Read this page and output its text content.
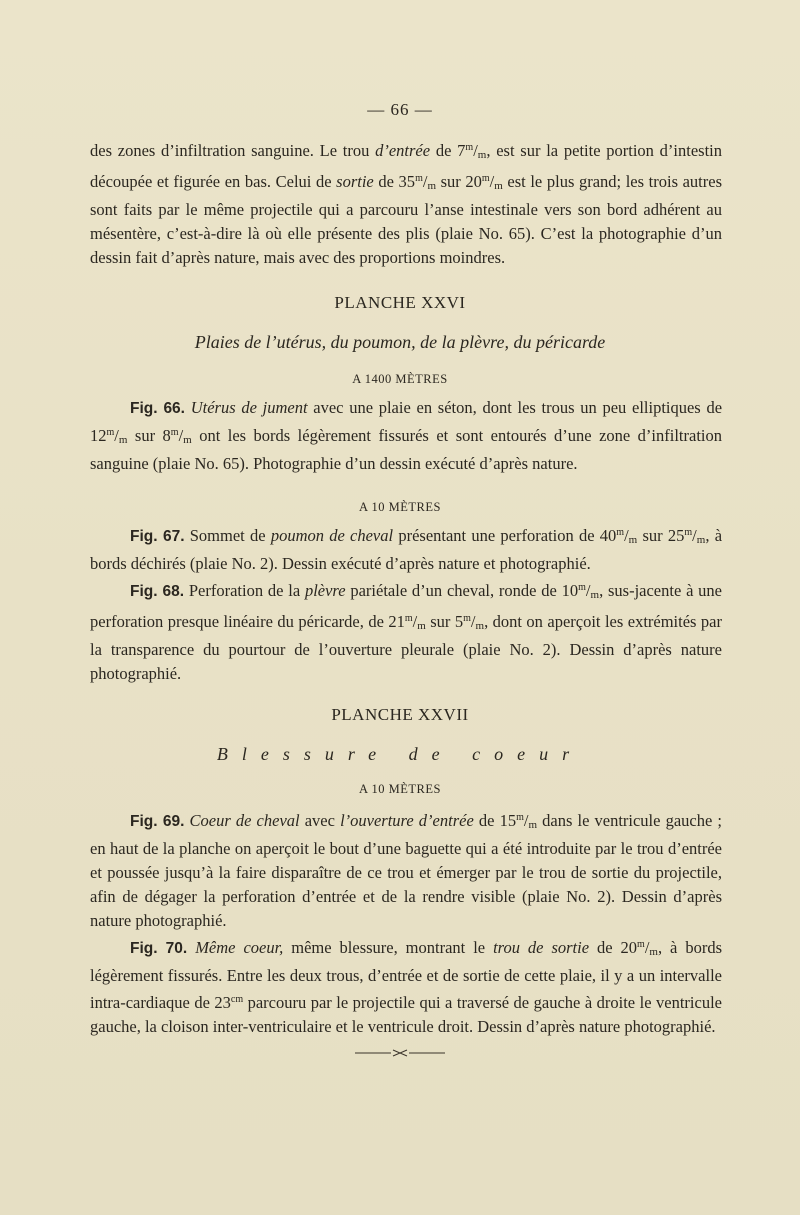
— 66 —

des zones d’infiltration sanguine. Le trou d’entrée de 7$^m$/m, est sur la petite portion d’intestin découpée et figurée en bas. Celui de sortie de 35$^m$/m sur 20$^m$/m est le plus grand; les trois autres sont faits par le même projectile qui a parcouru l’anse intestinale vers son bord adhérent au mésentère, c’est-à-dire là où elle présente des plis (plaie No. 65). C’est la photographie d’un dessin fait d’après nature, mais avec des proportions moindres.

PLANCHE XXVI
Plaies de l’utérus, du poumon, de la plèvre, du péricarde
A 1400 MÈTRES

Fig. 66. Utérus de jument avec une plaie en séton, dont les trous un peu elliptiques de 12$^m$/m sur 8$^m$/m ont les bords légèrement fissurés et sont entourés d’une zone d’infiltration sanguine (plaie No. 65). Photographie d’un dessin exécuté d’après nature.

A 10 MÈTRES

Fig. 67. Sommet de poumon de cheval présentant une perforation de 40$^m$/m sur 25$^m$/m, à bords déchirés (plaie No. 2). Dessin exécuté d’après nature et photographié.

Fig. 68. Perforation de la plèvre pariétale d’un cheval, ronde de 10$^m$/m, sus-jacente à une perforation presque linéaire du péricarde, de 21$^m$/m sur 5$^m$/m, dont on aperçoit les extrémités par la transparence du pourtour de l’ouverture pleurale (plaie No. 2). Dessin d’après nature photographié.

PLANCHE XXVII
Blessure de coeur
A 10 MÈTRES

Fig. 69. Coeur de cheval avec l’ouverture d’entrée de 15$^m$/m dans le ventricule gauche ; en haut de la planche on aperçoit le bout d’une baguette qui a été introduite par le trou d’entrée et poussée jusqu’à la faire disparaître de ce trou et émerger par le trou de sortie du projectile, afin de dégager la perforation d’entrée et de la rendre visible (plaie No. 2). Dessin d’après nature photographié.

Fig. 70. Même coeur, même blessure, montrant le trou de sortie de 20$^m$/m, à bords légèrement fissurés. Entre les deux trous, d’entrée et de sortie de cette plaie, il y a un intervalle intra-cardiaque de $23^{cm}$ parcouru par le projectile qui a traversé de gauche à droite le ventricule gauche, la cloison inter-ventriculaire et le ventricule droit. Dessin d’après nature photographié.
